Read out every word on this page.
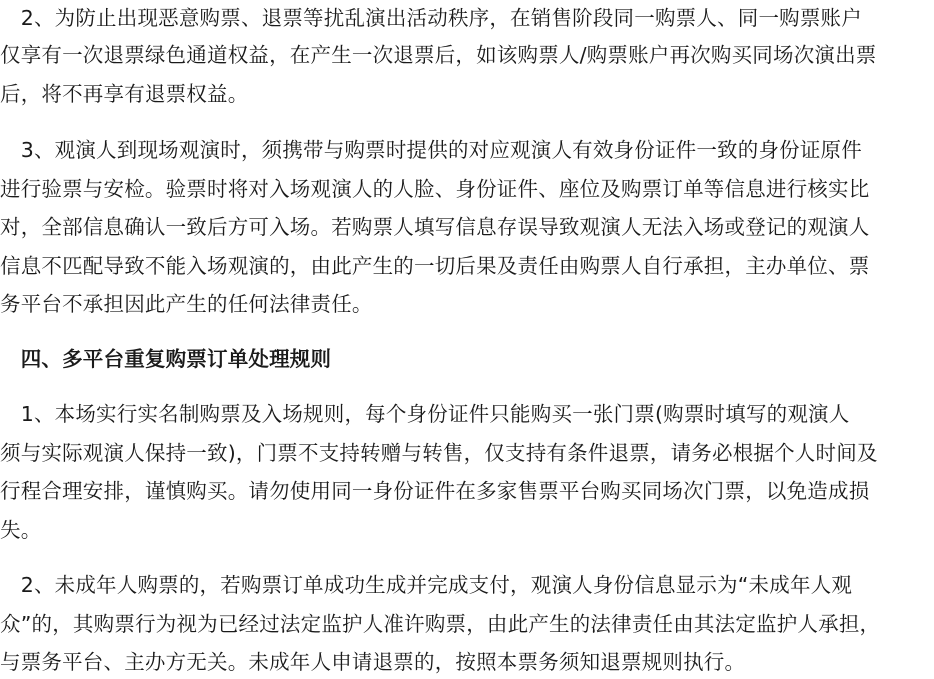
　2、为防止出现恶意购票、退票等扰乱演出活动秩序，在销售阶段同一购票人、同一购票账户
仅享有一次退票绿色通道权益，在产生一次退票后，如该购票人/购票账户再次购买同场次演出票
后，将不再享有退票权益。
　3、观演人到现场观演时，须携带与购票时提供的对应观演人有效身份证件一致的身份证原件
进行验票与安检。验票时将对入场观演人的人脸、身份证件、座位及购票订单等信息进行核实比
对，全部信息确认一致后方可入场。若购票人填写信息存误导致观演人无法入场或登记的观演人
信息不匹配导致不能入场观演的，由此产生的一切后果及责任由购票人自行承担，主办单位、票
务平台不承担因此产生的任何法律责任。
　四、多平台重复购票订单处理规则
　1、本场实行实名制购票及入场规则，每个身份证件只能购买一张门票(购票时填写的观演人
须与实际观演人保持一致)，门票不支持转赠与转售，仅支持有条件退票，请务必根据个人时间及
行程合理安排，谨慎购买。请勿使用同一身份证件在多家售票平台购买同场次门票，以免造成损
失。
　2、未成年人购票的，若购票订单成功生成并完成支付，观演人身份信息显示为“未成年人观
众”的，其购票行为视为已经过法定监护人准许购票，由此产生的法律责任由其法定监护人承担，
与票务平台、主办方无关。未成年人申请退票的，按照本票务须知退票规则执行。
